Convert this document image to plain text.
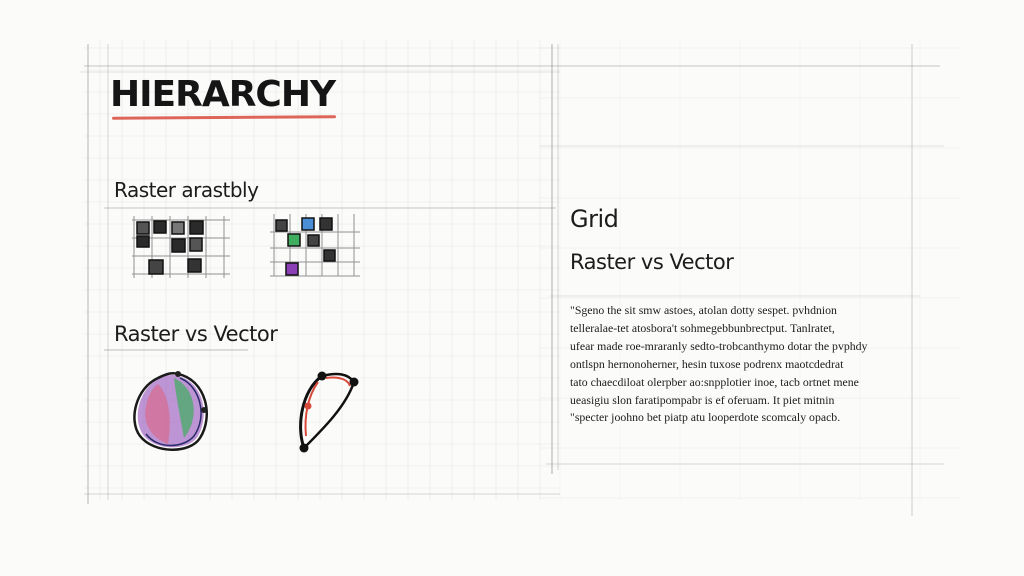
HIERARCHY
Raster arastbly
Raster vs Vector
Grid
Raster vs Vector
"Sgeno the sit smw astoes, atolan dotty sespet. pvhdnion
telleralae-tet atosbora't sohmegebbunbrectput. Tanlratet,
ufear made roe-mraranly sedto-trobcanthymo dotar the pvphdy
ontlspn hernonoherner, hesin tuxose podrenx maotcdedrat
tato chaecdiloat olerpber ao:snpplotier inoe, tacb ortnet mene
ueasigiu slon faratipompabr is ef oferuam. It piet mitnin
"specter joohno bet piatp atu looperdote scomcaly opacb.
